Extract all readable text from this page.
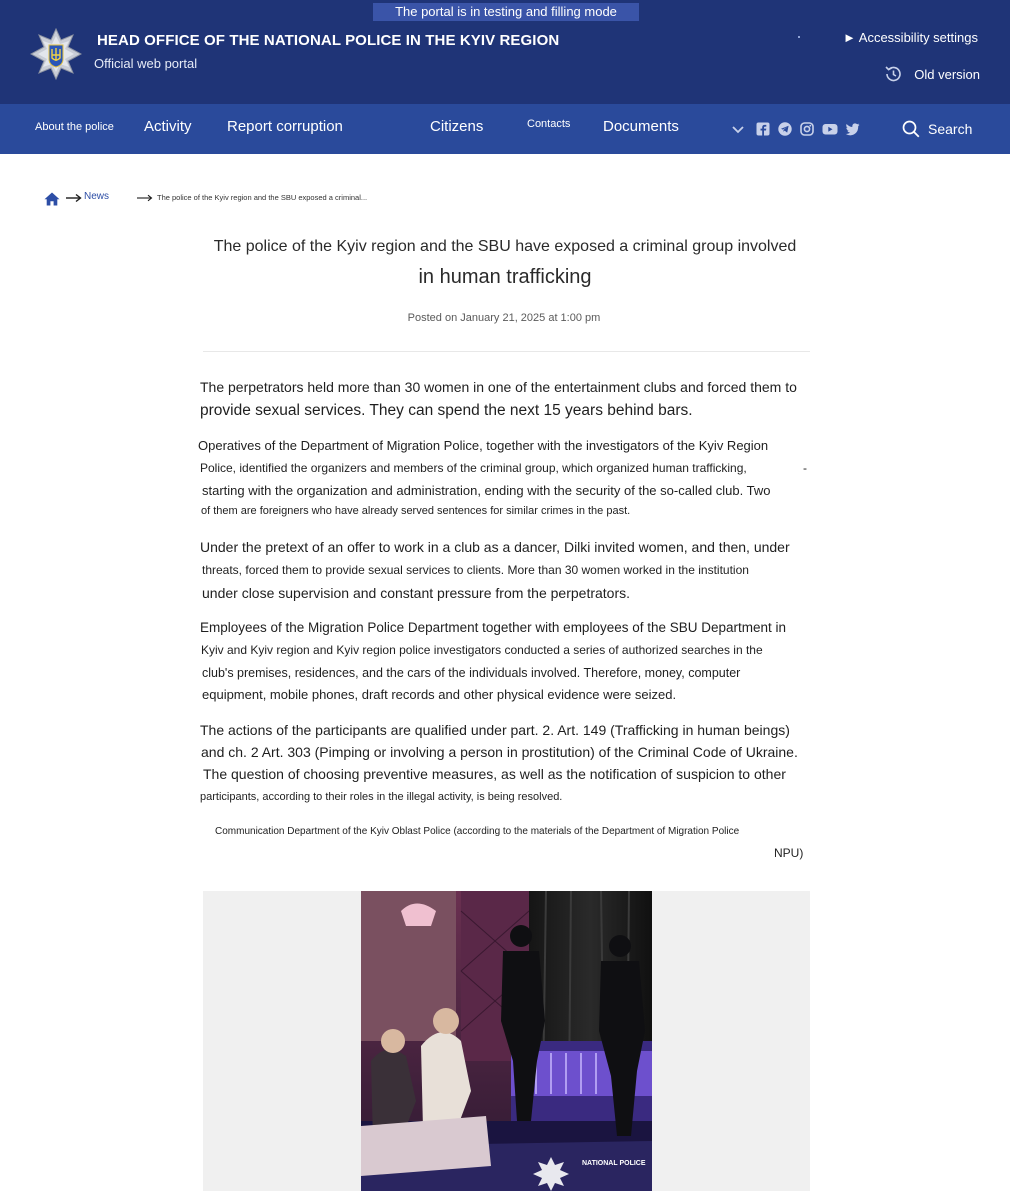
The portal is in testing and filling mode
HEAD OFFICE OF THE NATIONAL POLICE IN THE KYIV REGION
Official web portal
► Accessibility settings
Old version
About the police Activity Report corruption	Citizens	Contacts Documents	Search
News	The police of the Kyiv region and the SBU exposed a criminal...
The police of the Kyiv region and the SBU have exposed a criminal group involved
in human trafficking
Posted on January 21, 2025 at 1:00 pm
The perpetrators held more than 30 women in one of the entertainment clubs and forced them to
provide sexual services. They can spend the next 15 years behind bars.
Operatives of the Department of Migration Police, together with the investigators of the Kyiv Region
Police, identified the organizers and members of the criminal group, which organized human trafficking,	-
starting with the organization and administration, ending with the security of the so-called club. Two
of them are foreigners who have already served sentences for similar crimes in the past.
Under the pretext of an offer to work in a club as a dancer, Dilki invited women, and then, under
threats, forced them to provide sexual services to clients. More than 30 women worked in the institution
under close supervision and constant pressure from the perpetrators.
Employees of the Migration Police Department together with employees of the SBU Department in
Kyiv and Kyiv region and Kyiv region police investigators conducted a series of authorized searches in the
club's premises, residences, and the cars of the individuals involved. Therefore, money, computer
equipment, mobile phones, draft records and other physical evidence were seized.
The actions of the participants are qualified under part. 2. Art. 149 (Trafficking in human beings)
and ch. 2 Art. 303 (Pimping or involving a person in prostitution) of the Criminal Code of Ukraine.
The question of choosing preventive measures, as well as the notification of suspicion to other
participants, according to their roles in the illegal activity, is being resolved.
Communication Department of the Kyiv Oblast Police (according to the materials of the Department of Migration Police
NPU)
NATIONAL POLICE
